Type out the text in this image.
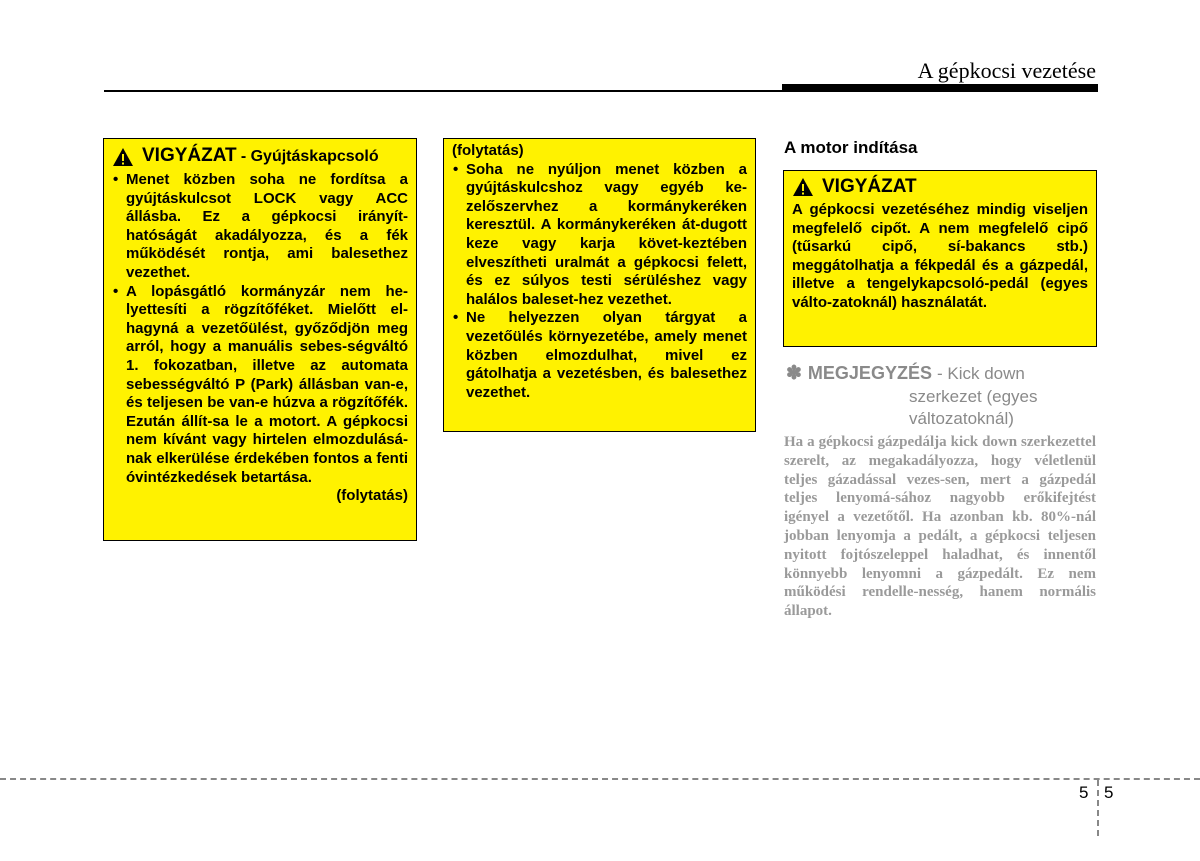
A gépkocsi vezetése
VIGYÁZAT - Gyújtáskapcsoló
• Menet közben soha ne fordítsa a gyújtáskulcsot LOCK vagy ACC állásba. Ez a gépkocsi irányít-hatóságát akadályozza, és a fék működését rontja, ami balesethez vezethet.
• A lopásgátló kormányzár nem he-lyettesíti a rögzítőféket. Mielőtt el-hagyná a vezetőülést, győződjön meg arról, hogy a manuális sebes-ségváltó 1. fokozatban, illetve az automata sebességváltó P (Park) állásban van-e, és teljesen be van-e húzva a rögzítőfék. Ezután állít-sa le a motort. A gépkocsi nem kívánt vagy hirtelen elmozdulásá-nak elkerülése érdekében fontos a fenti óvintézkedések betartása.
(folytatás)
(folytatás)
• Soha ne nyúljon menet közben a gyújtáskulcshoz vagy egyéb ke-zelőszervhez a kormánykeréken keresztül. A kormánykeréken át-dugott keze vagy karja követ-keztében elveszítheti uralmát a gépkocsi felett, és ez súlyos testi sérüléshez vagy halálos baleset-hez vezethet.
• Ne helyezzen olyan tárgyat a vezetőülés környezetébe, amely menet közben elmozdulhat, mivel ez gátolhatja a vezetésben, és balesethez vezethet.
A motor indítása
VIGYÁZAT
A gépkocsi vezetéséhez mindig viseljen megfelelő cipőt. A nem megfelelő cipő (tűsarkú cipő, sí-bakancs stb.) meggátolhatja a fékpedál és a gázpedál, illetve a tengelykapcsoló-pedál (egyes válto-zatoknál) használatát.
✽ MEGJEGYZÉS - Kick down
szerkezet (egyes
változatoknál)
Ha a gépkocsi gázpedálja kick down szerkezettel szerelt, az megakadályozza, hogy véletlenül teljes gázadással vezes-sen, mert a gázpedál teljes lenyomá-sához nagyobb erőkifejtést igényel a vezetőtől. Ha azonban kb. 80%-nál jobban lenyomja a pedált, a gépkocsi teljesen nyitott fojtószeleppel haladhat, és innentől könnyebb lenyomni a gázpedált. Ez nem működési rendelle-nesség, hanem normális állapot.
5 5
